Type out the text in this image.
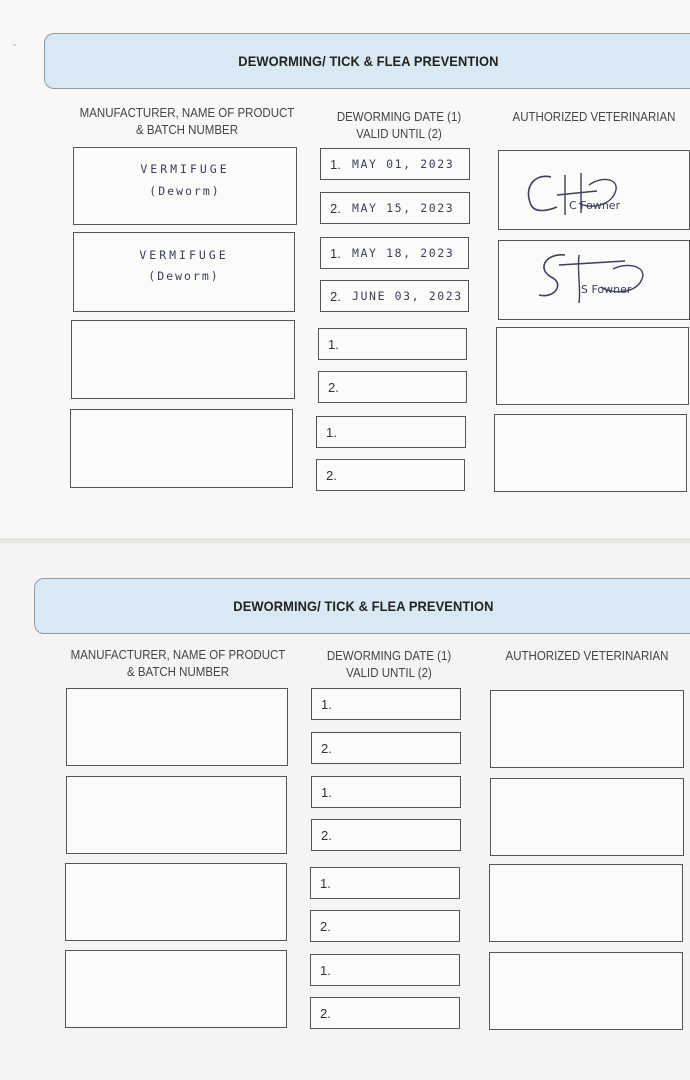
DEWORMING/ TICK & FLEA PREVENTION
MANUFACTURER, NAME OF PRODUCT
& BATCH NUMBER
DEWORMING DATE (1)
VALID UNTIL (2)
AUTHORIZED VETERINARIAN
VERMIFUGE
(Deworm)
1. MAY 01, 2023
2. MAY 15, 2023	C Fowner
VERMIFUGE
(Deworm)
1. MAY 18, 2023
2. JUNE 03, 2023	S Fowner
1.
2.
1.
2.
DEWORMING/ TICK & FLEA PREVENTION
MANUFACTURER, NAME OF PRODUCT
& BATCH NUMBER
DEWORMING DATE (1)
VALID UNTIL (2)
AUTHORIZED VETERINARIAN
1.
2.
1.
2.
1.
2.
1.
2.
